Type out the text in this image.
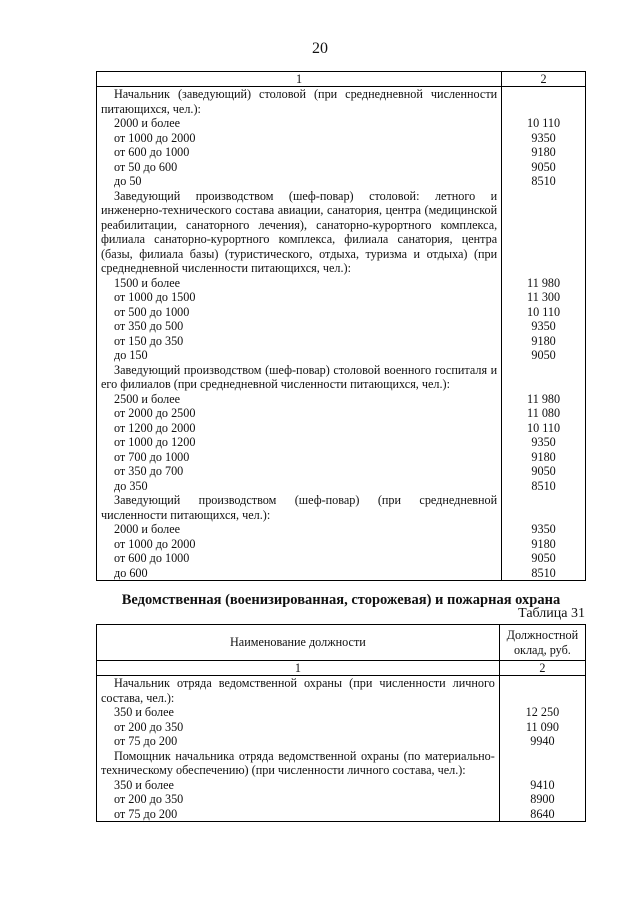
20
1	2
Начальник (заведующий) столовой (при среднедневной численности питающихся, чел.):	
2000 и более	10 110
от 1000 до 2000	9350
от 600 до 1000	9180
от 50 до 600	9050
до 50	8510
Заведующий производством (шеф-повар) столовой: летного и инженерно-технического состава авиации, санатория, центра (медицинской реабилитации, санаторного лечения), санаторно-курортного комплекса, филиала санаторно-курортного комплекса, филиала санатория, центра (базы, филиала базы) (туристического, отдыха, туризма и отдыха) (при среднедневной численности питающихся, чел.):	
1500 и более	11 980
от 1000 до 1500	11 300
от 500 до 1000	10 110
от 350 до 500	9350
от 150 до 350	9180
до 150	9050
Заведующий производством (шеф-повар) столовой военного госпиталя и его филиалов (при среднедневной численности питающихся, чел.):	
2500 и более	11 980
от 2000 до 2500	11 080
от 1200 до 2000	10 110
от 1000 до 1200	9350
от 700 до 1000	9180
от 350 до 700	9050
до 350	8510
Заведующий производством (шеф-повар) (при среднедневной численности питающихся, чел.):	
2000 и более	9350
от 1000 до 2000	9180
от 600 до 1000	9050
до 600	8510
Ведомственная (военизированная, сторожевая) и пожарная охрана
Таблица 31
Наименование должности	Должностной оклад, руб.
1	2
Начальник отряда ведомственной охраны (при численности личного состава, чел.):	
350 и более	12 250
от 200 до 350	11 090
от 75 до 200	9940
Помощник начальника отряда ведомственной охраны (по материально-техническому обеспечению) (при численности личного состава, чел.):	
350 и более	9410
от 200 до 350	8900
от 75 до 200	8640
